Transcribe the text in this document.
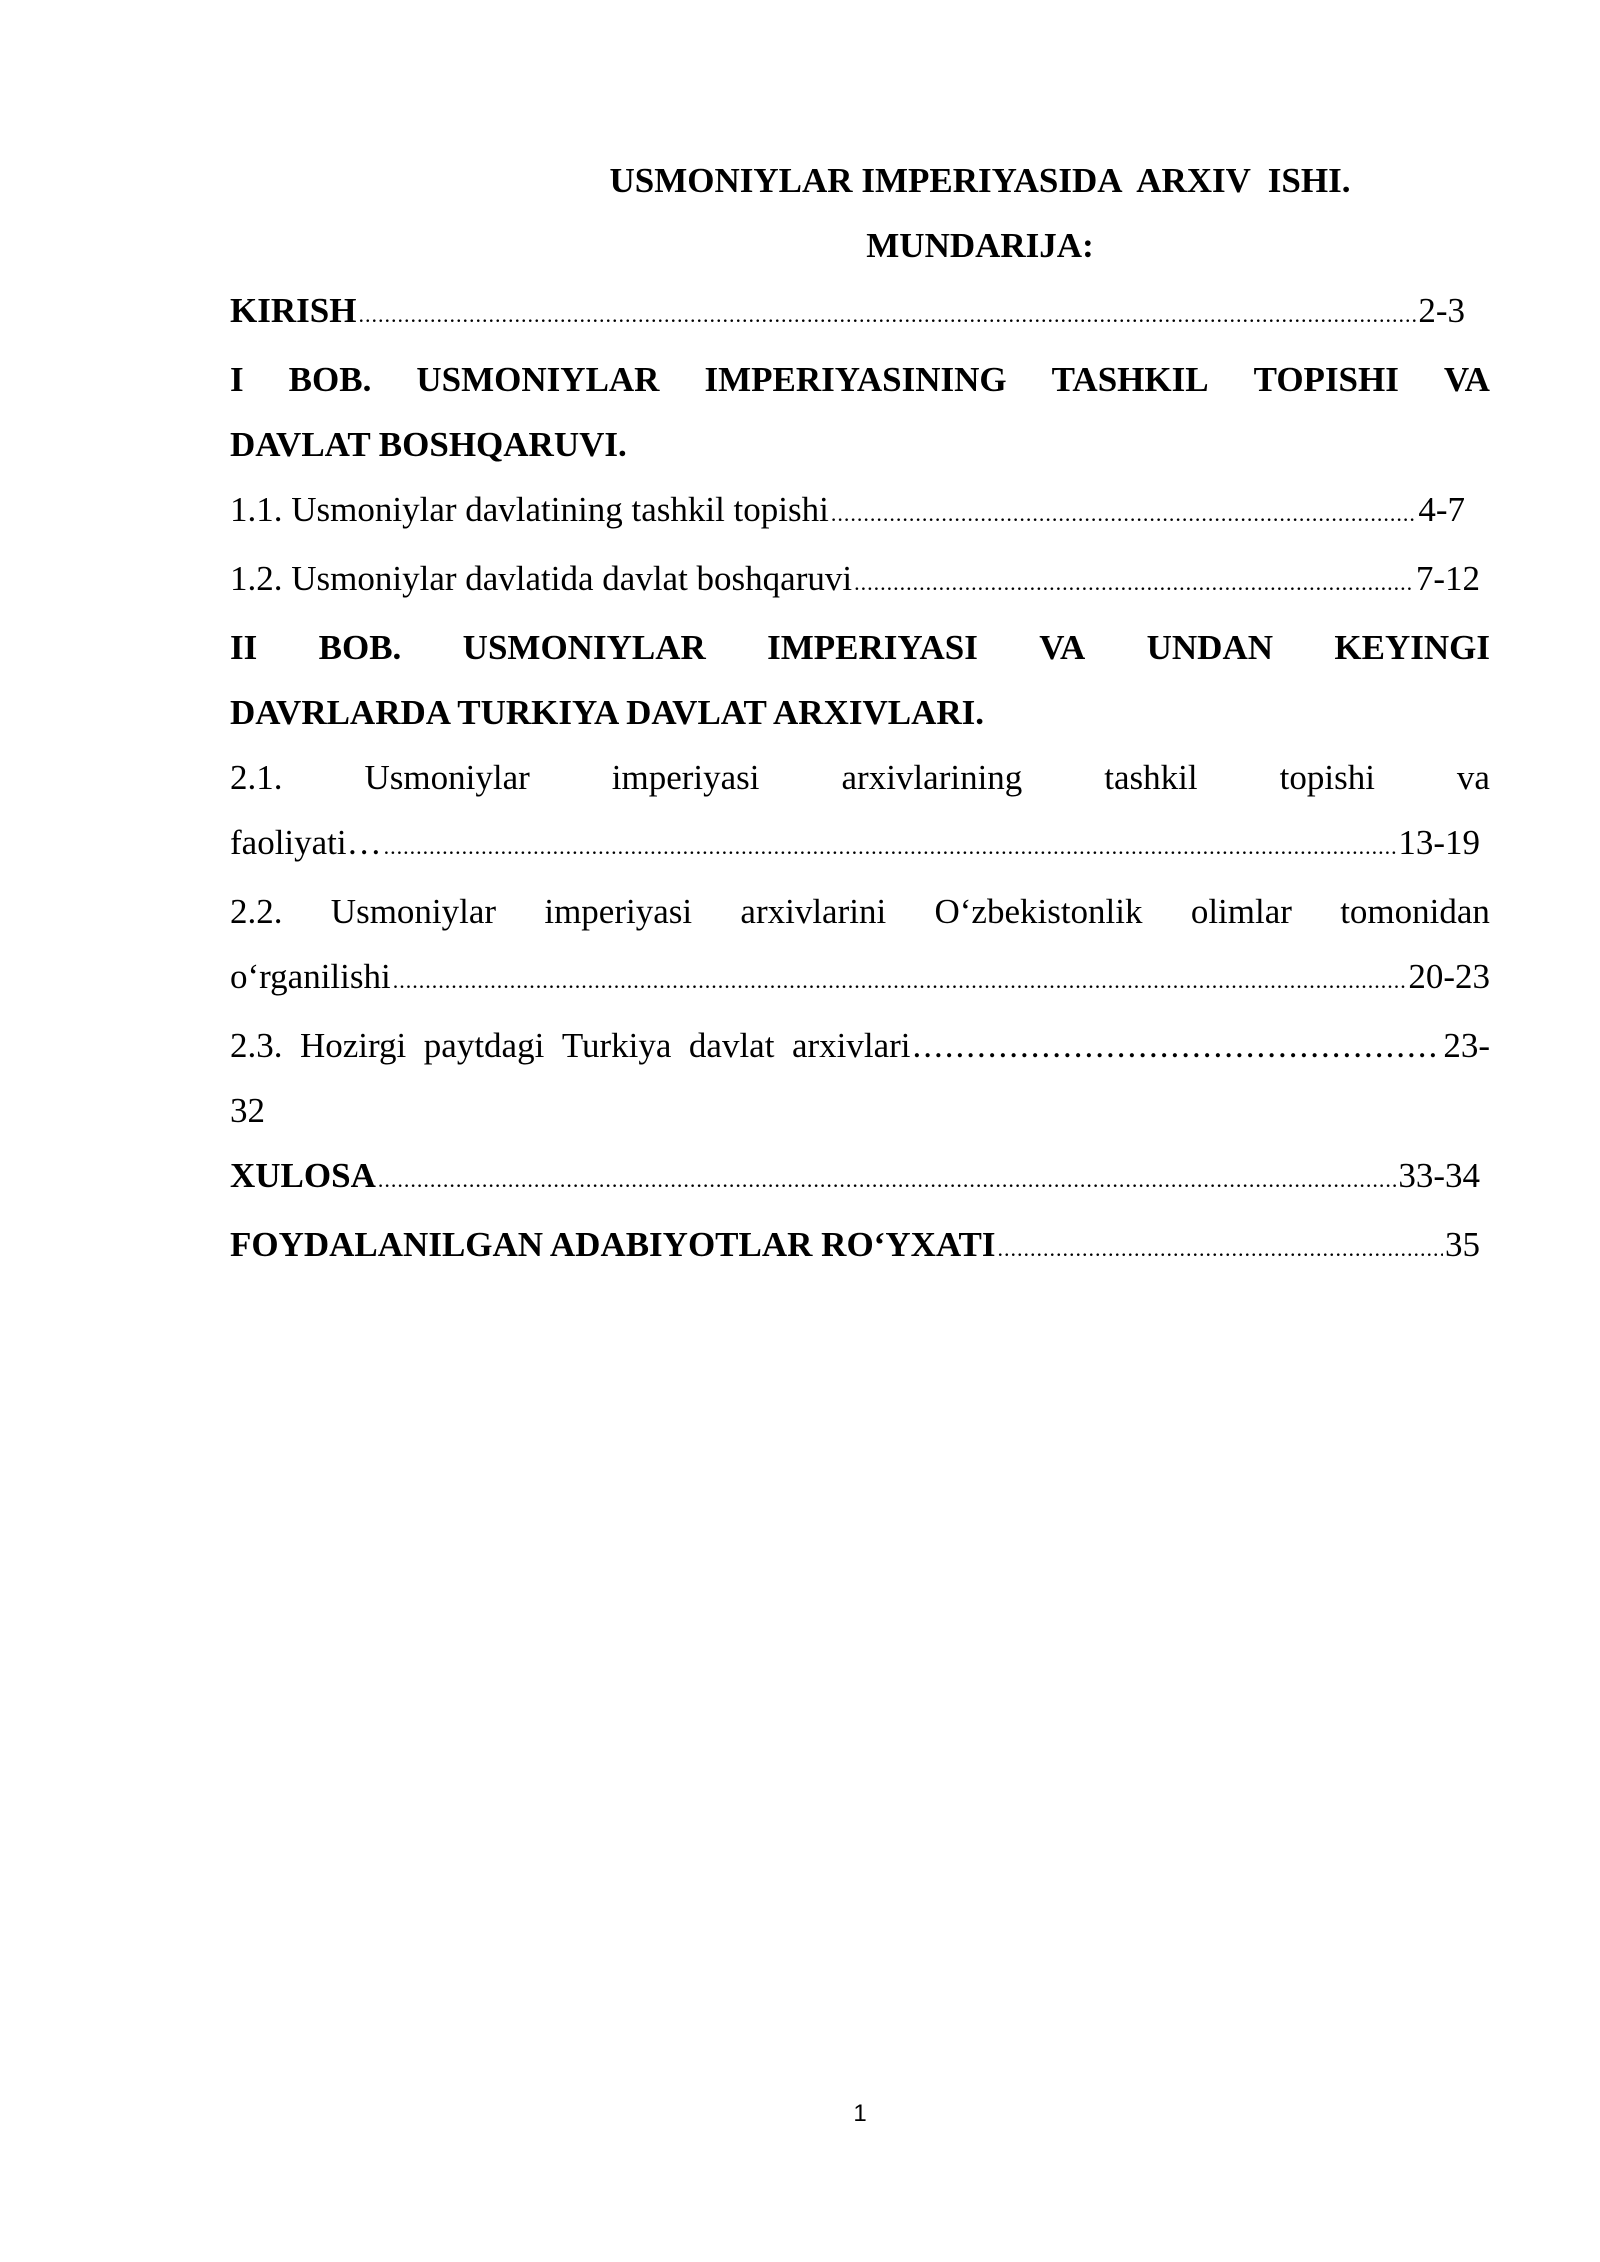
USMONIYLAR IMPERIYASIDA  ARXIV  ISHI.
MUNDARIJA:
KIRISH .....	2-3
I BOB. USMONIYLAR IMPERIYASINING TASHKIL TOPISHI VA
DAVLAT BOSHQARUVI.
1.1. Usmoniylar davlatining tashkil topishi .....	4-7
1.2. Usmoniylar davlatida davlat boshqaruvi .....	7-12
II BOB. USMONIYLAR IMPERIYASI VA UNDAN KEYINGI
DAVRLARDA TURKIYA DAVLAT ARXIVLARI.
2.1. Usmoniylar imperiyasi arxivlarining tashkil topishi va
faoliyati… .....	13-19
2.2. Usmoniylar imperiyasi arxivlarini O‘zbekistonlik olimlar tomonidan
o‘rganilishi .....	20-23
2.3.
Hozirgi
paytdagi
Turkiya
davlat
arxivlari .....	23-
32
XULOSA .....	33-34
FOYDALANILGAN ADABIYOTLAR RO‘YXATI .....	35
1
